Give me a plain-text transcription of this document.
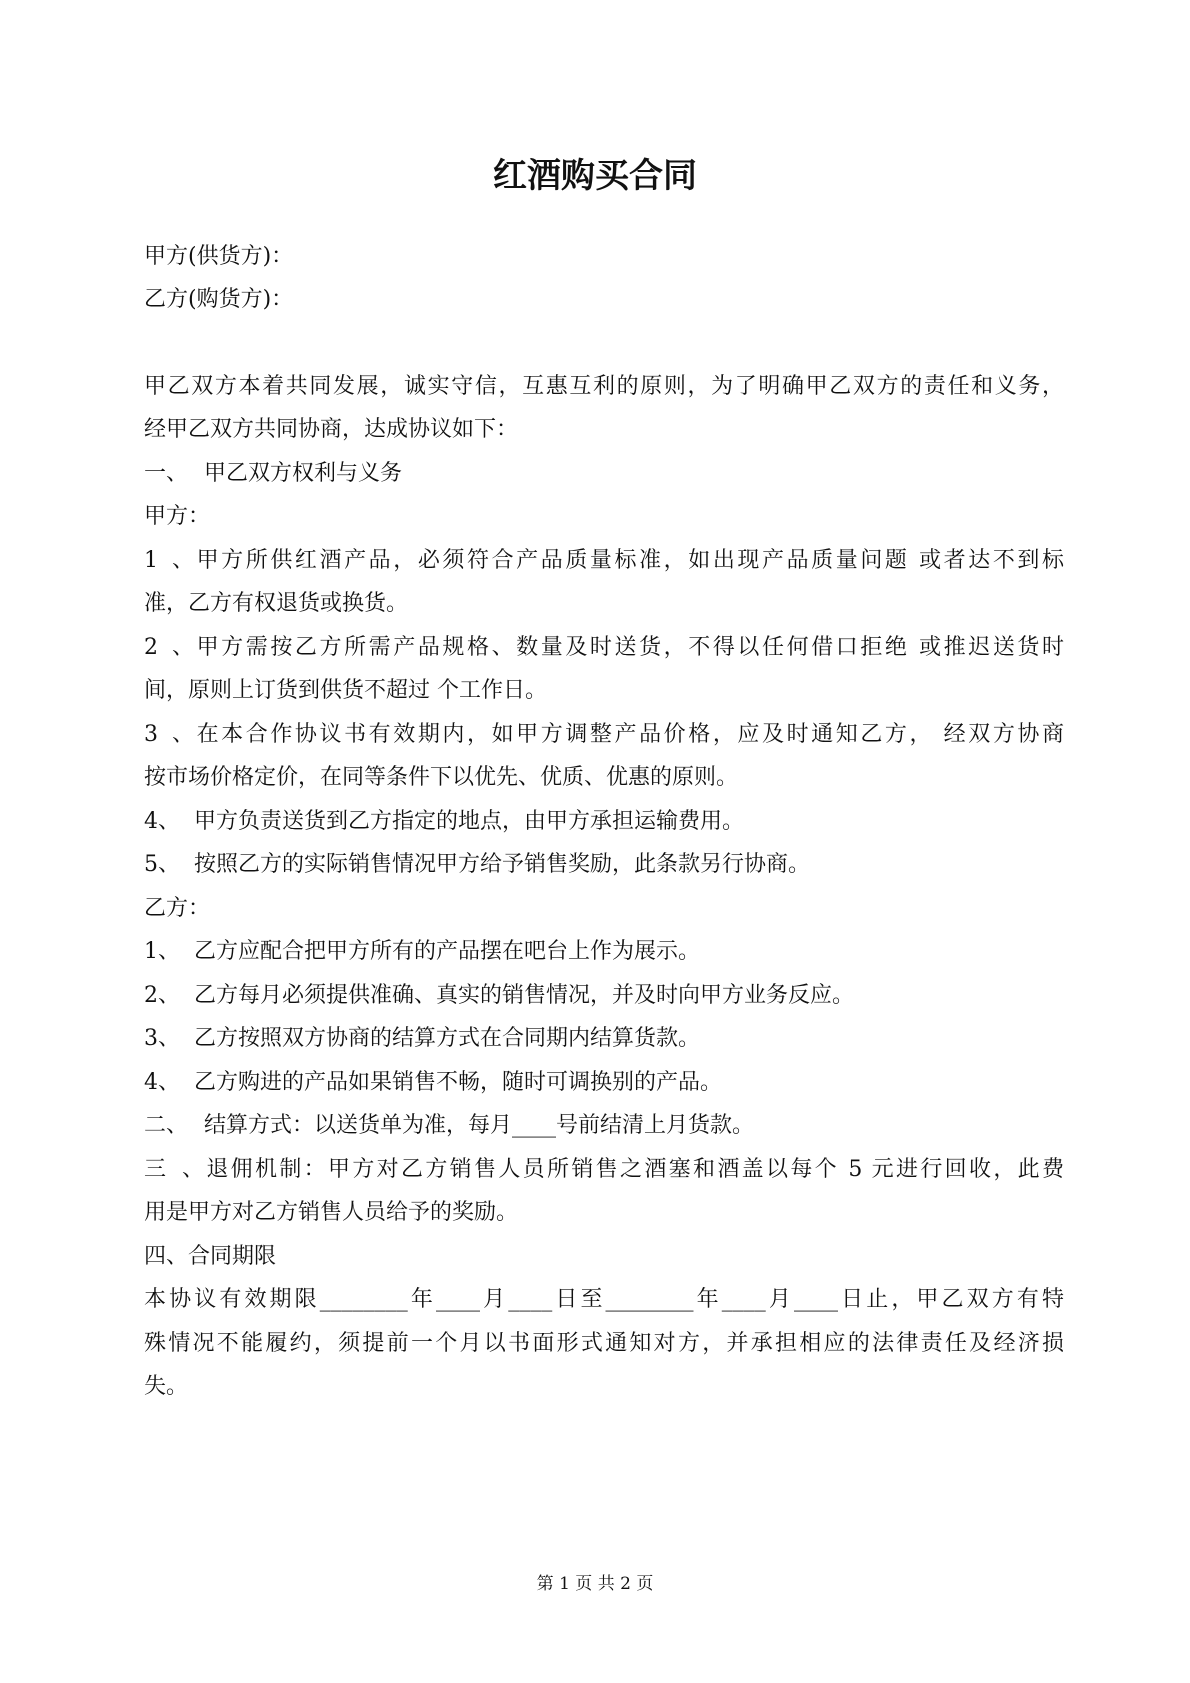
红酒购买合同
甲方(供货方)：
乙方(购货方)：
甲乙双方本着共同发展，诚实守信，互惠互利的原则，为了明确甲乙双方的责任和义务，
经甲乙双方共同协商，达成协议如下：
一、 甲乙双方权利与义务
甲方：
1、甲方所供红酒产品，必须符合产品质量标准，如出现产品质量问题 或者达不到标
准，乙方有权退货或换货。
2、甲方需按乙方所需产品规格、数量及时送货，不得以任何借口拒绝 或推迟送货时
间，原则上订货到供货不超过 个工作日。
3、在本合作协议书有效期内，如甲方调整产品价格，应及时通知乙方， 经双方协商
按市场价格定价，在同等条件下以优先、优质、优惠的原则。
4、 甲方负责送货到乙方指定的地点，由甲方承担运输费用。
5、 按照乙方的实际销售情况甲方给予销售奖励，此条款另行协商。
乙方：
1、 乙方应配合把甲方所有的产品摆在吧台上作为展示。
2、 乙方每月必须提供准确、真实的销售情况，并及时向甲方业务反应。
3、 乙方按照双方协商的结算方式在合同期内结算货款。
4、 乙方购进的产品如果销售不畅，随时可调换别的产品。
二、 结算方式：以送货单为准，每月____号前结清上月货款。
三、退佣机制：甲方对乙方销售人员所销售之酒塞和酒盖以每个 5 元进行回收，此费
用是甲方对乙方销售人员给予的奖励。
四、合同期限
本协议有效期限________年____月____日至________年____月____日止，甲乙双方有特
殊情况不能履约，须提前一个月以书面形式通知对方，并承担相应的法律责任及经济损
失。
第 1 页 共 2 页
